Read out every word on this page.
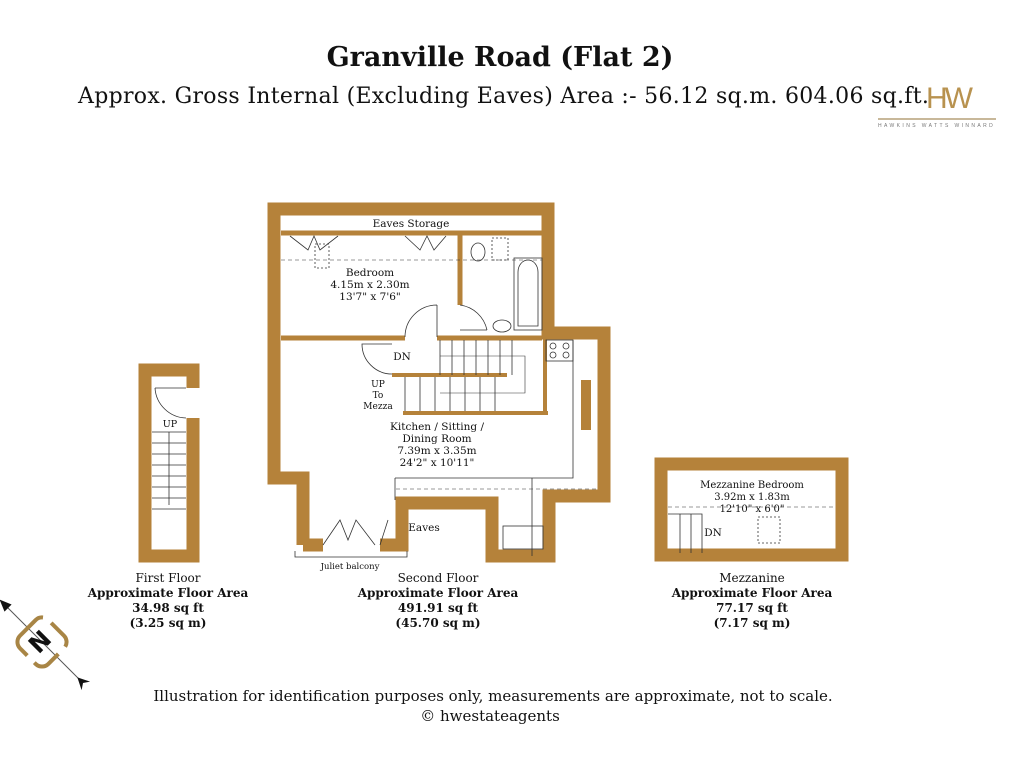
Granville Road (Flat 2)
Approx. Gross Internal (Excluding Eaves) Area :- 56.12 sq.m. 604.06 sq.ft.
HW
HAWKINS WATTS WINNARD
N
Eaves Storage
Bedroom
4.15m x 2.30m
13'7" x 7'6"
Kitchen / Sitting /
Dining Room
7.39m x 3.35m
24'2" x 10'11"
Eaves
DN
UP
To
Mezza
Juliet balcony
UP
Mezzanine Bedroom
3.92m x 1.83m
12'10" x 6'0"
DN
First Floor
Approximate Floor Area
34.98 sq ft
(3.25 sq m)
Second Floor
Approximate Floor Area
491.91 sq ft
(45.70 sq m)
Mezzanine
Approximate Floor Area
77.17 sq ft
(7.17 sq m)
Illustration for identification purposes only, measurements are approximate, not to scale.
© hwestateagents
